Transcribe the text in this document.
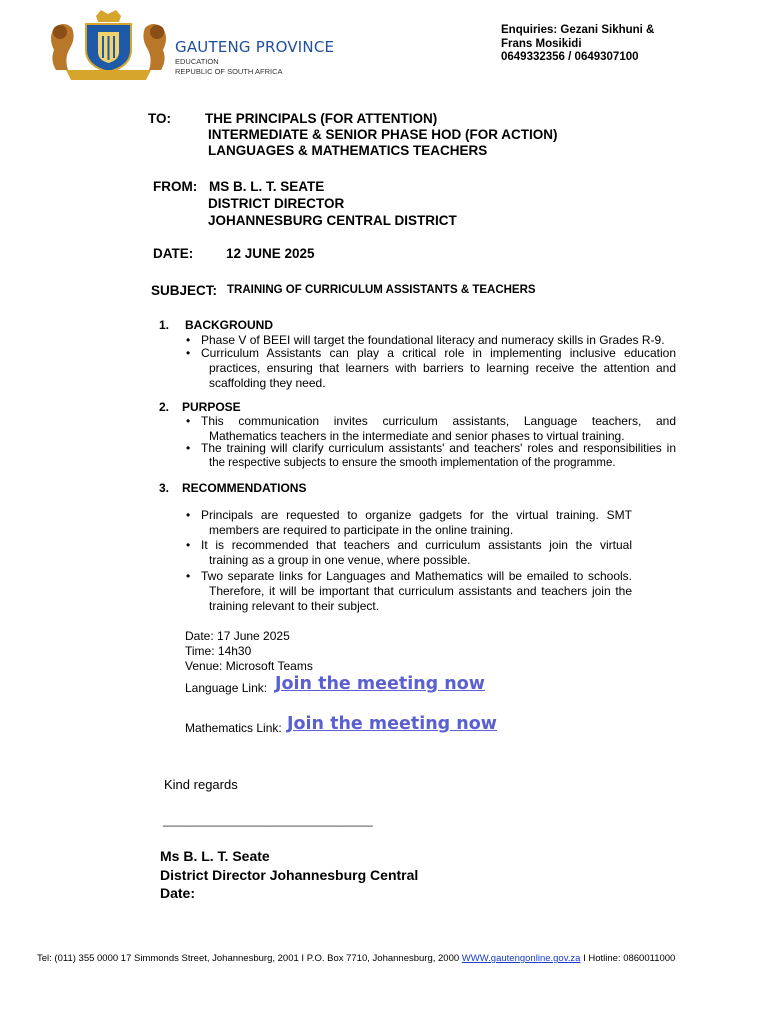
GAUTENG PROVINCE
EDUCATION
REPUBLIC OF SOUTH AFRICA
Enquiries: Gezani Sikhuni &
Frans Mosikidi
0649332356 / 0649307100
TO:	THE PRINCIPALS (FOR ATTENTION)
INTERMEDIATE & SENIOR PHASE HOD (FOR ACTION)
LANGUAGES & MATHEMATICS TEACHERS
FROM: MS B. L. T. SEATE
DISTRICT DIRECTOR
JOHANNESBURG CENTRAL DISTRICT
DATE: 12 JUNE 2025
SUBJECT: TRAINING OF CURRICULUM ASSISTANTS & TEACHERS
1. BACKGROUND
• Phase V of BEEI will target the foundational literacy and numeracy skills in Grades R-9.
• Curriculum Assistants can play a critical role in implementing inclusive education
practices, ensuring that learners with barriers to learning receive the attention and scaffolding they need.
2. PURPOSE
• This communication invites curriculum assistants, Language teachers, and
Mathematics teachers in the intermediate and senior phases to virtual training.
• The training will clarify curriculum assistants' and teachers' roles and responsibilities in
the respective subjects to ensure the smooth implementation of the programme.
3. RECOMMENDATIONS
• Principals are requested to organize gadgets for the virtual training. SMT
members are required to participate in the online training.
• It is recommended that teachers and curriculum assistants join the virtual
training as a group in one venue, where possible.
• Two separate links for Languages and Mathematics will be emailed to schools.
Therefore, it will be important that curriculum assistants and teachers join the training relevant to their subject.
Date: 17 June 2025
Time: 14h30
Venue: Microsoft Teams
Language Link: Join the meeting now
Mathematics Link: Join the meeting now
Kind regards
_____________________________
Ms B. L. T. Seate
District Director Johannesburg Central
Date:
Tel: (011) 355 0000 17 Simmonds Street, Johannesburg, 2001 I P.O. Box 7710, Johannesburg, 2000 WWW.gautengonline.gov.za I Hotline: 0860011000
